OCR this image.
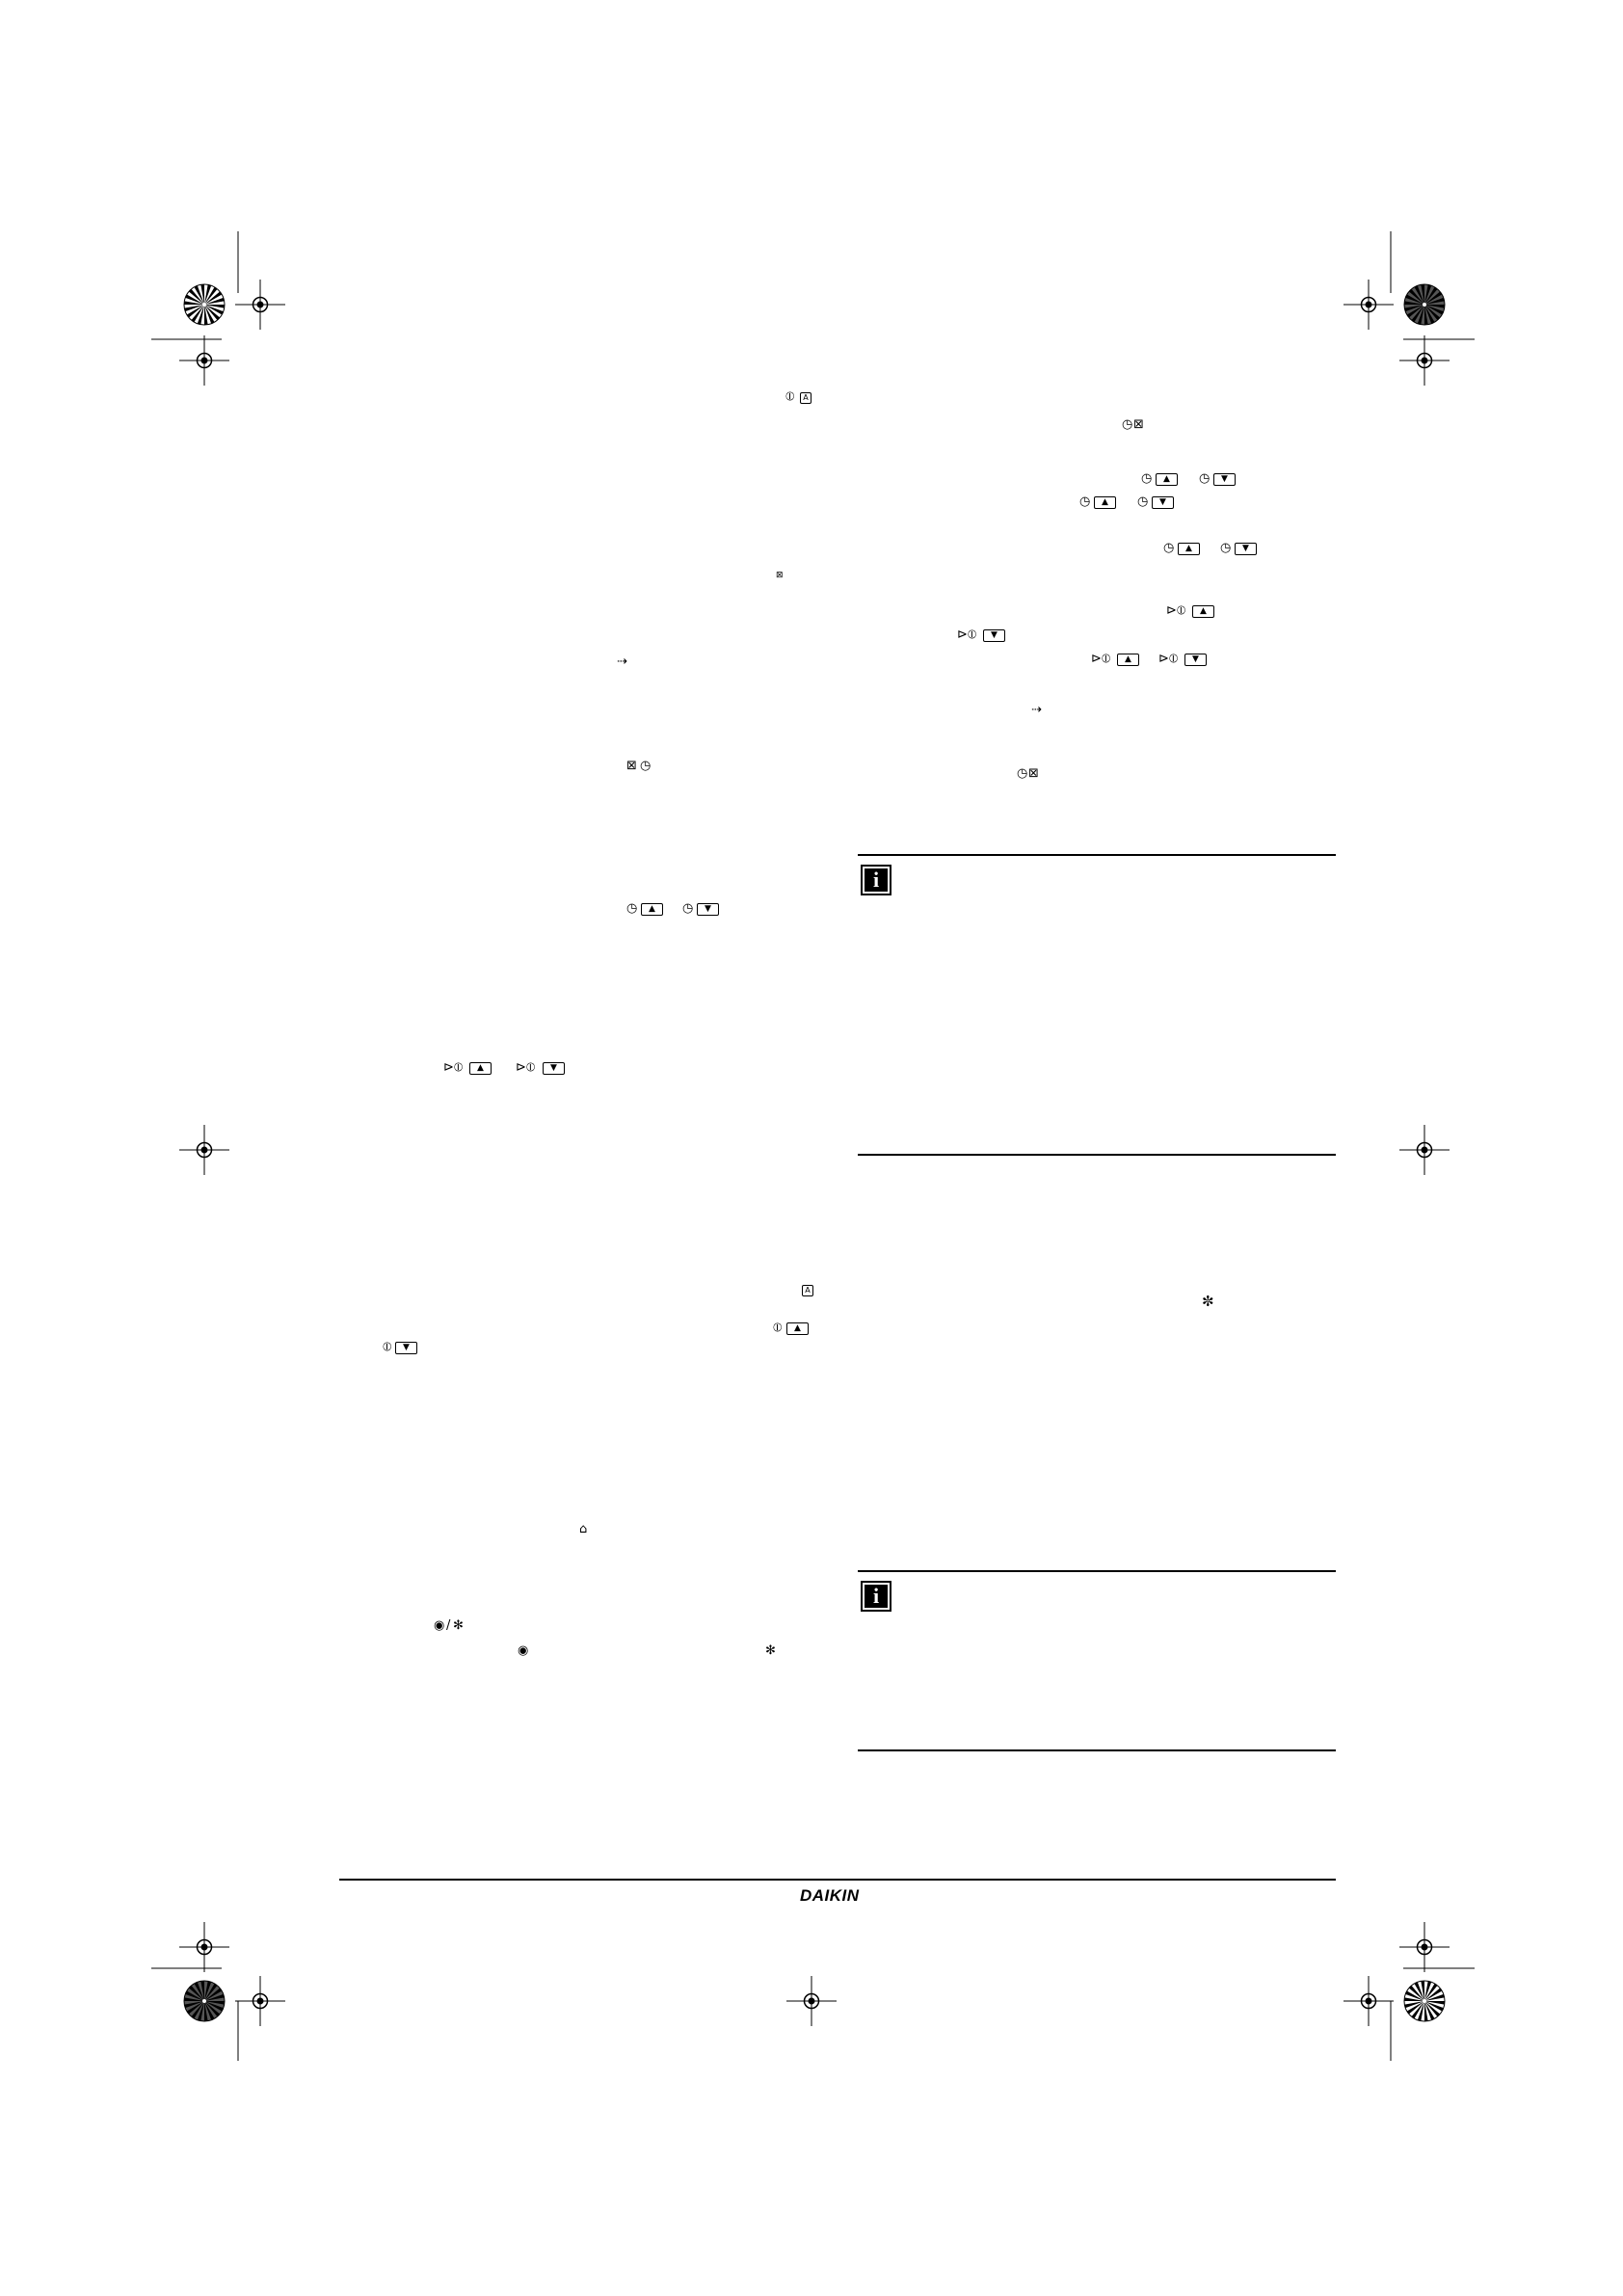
⦶	A
⊠
⇢
⊠ ◷
◷	▲	◷	▼
⊳⦶	▲	⊳⦶	▼
A
⦶	▲
⦶	▼
⌂
◉ / ✻
◉	✻
◷ ⊠
◷	▲	◷	▼
◷	▲	◷	▼
◷	▲	◷	▼
⊳⦶	▲
⊳⦶	▼
⊳⦶	▲	⊳⦶	▼
⇢
◷ ⊠
✼
i
i
DAIKIN
